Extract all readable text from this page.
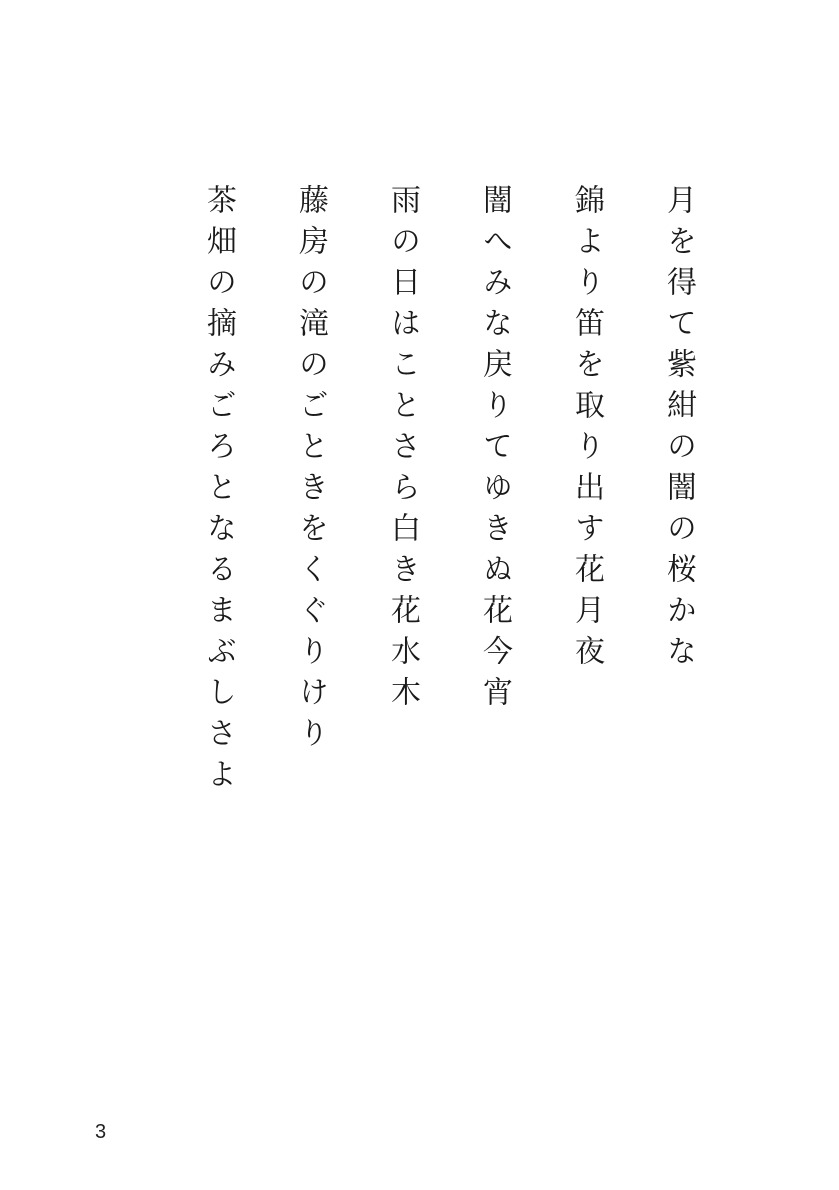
月を得て紫紺の闇の桜かな

錦より笛を取り出す花月夜

闇へみな戻りてゆきぬ花今宵

雨の日はことさら白き花水木

藤房の滝のごときをくぐりけり

茶畑の摘みごろとなるまぶしさよ

3
